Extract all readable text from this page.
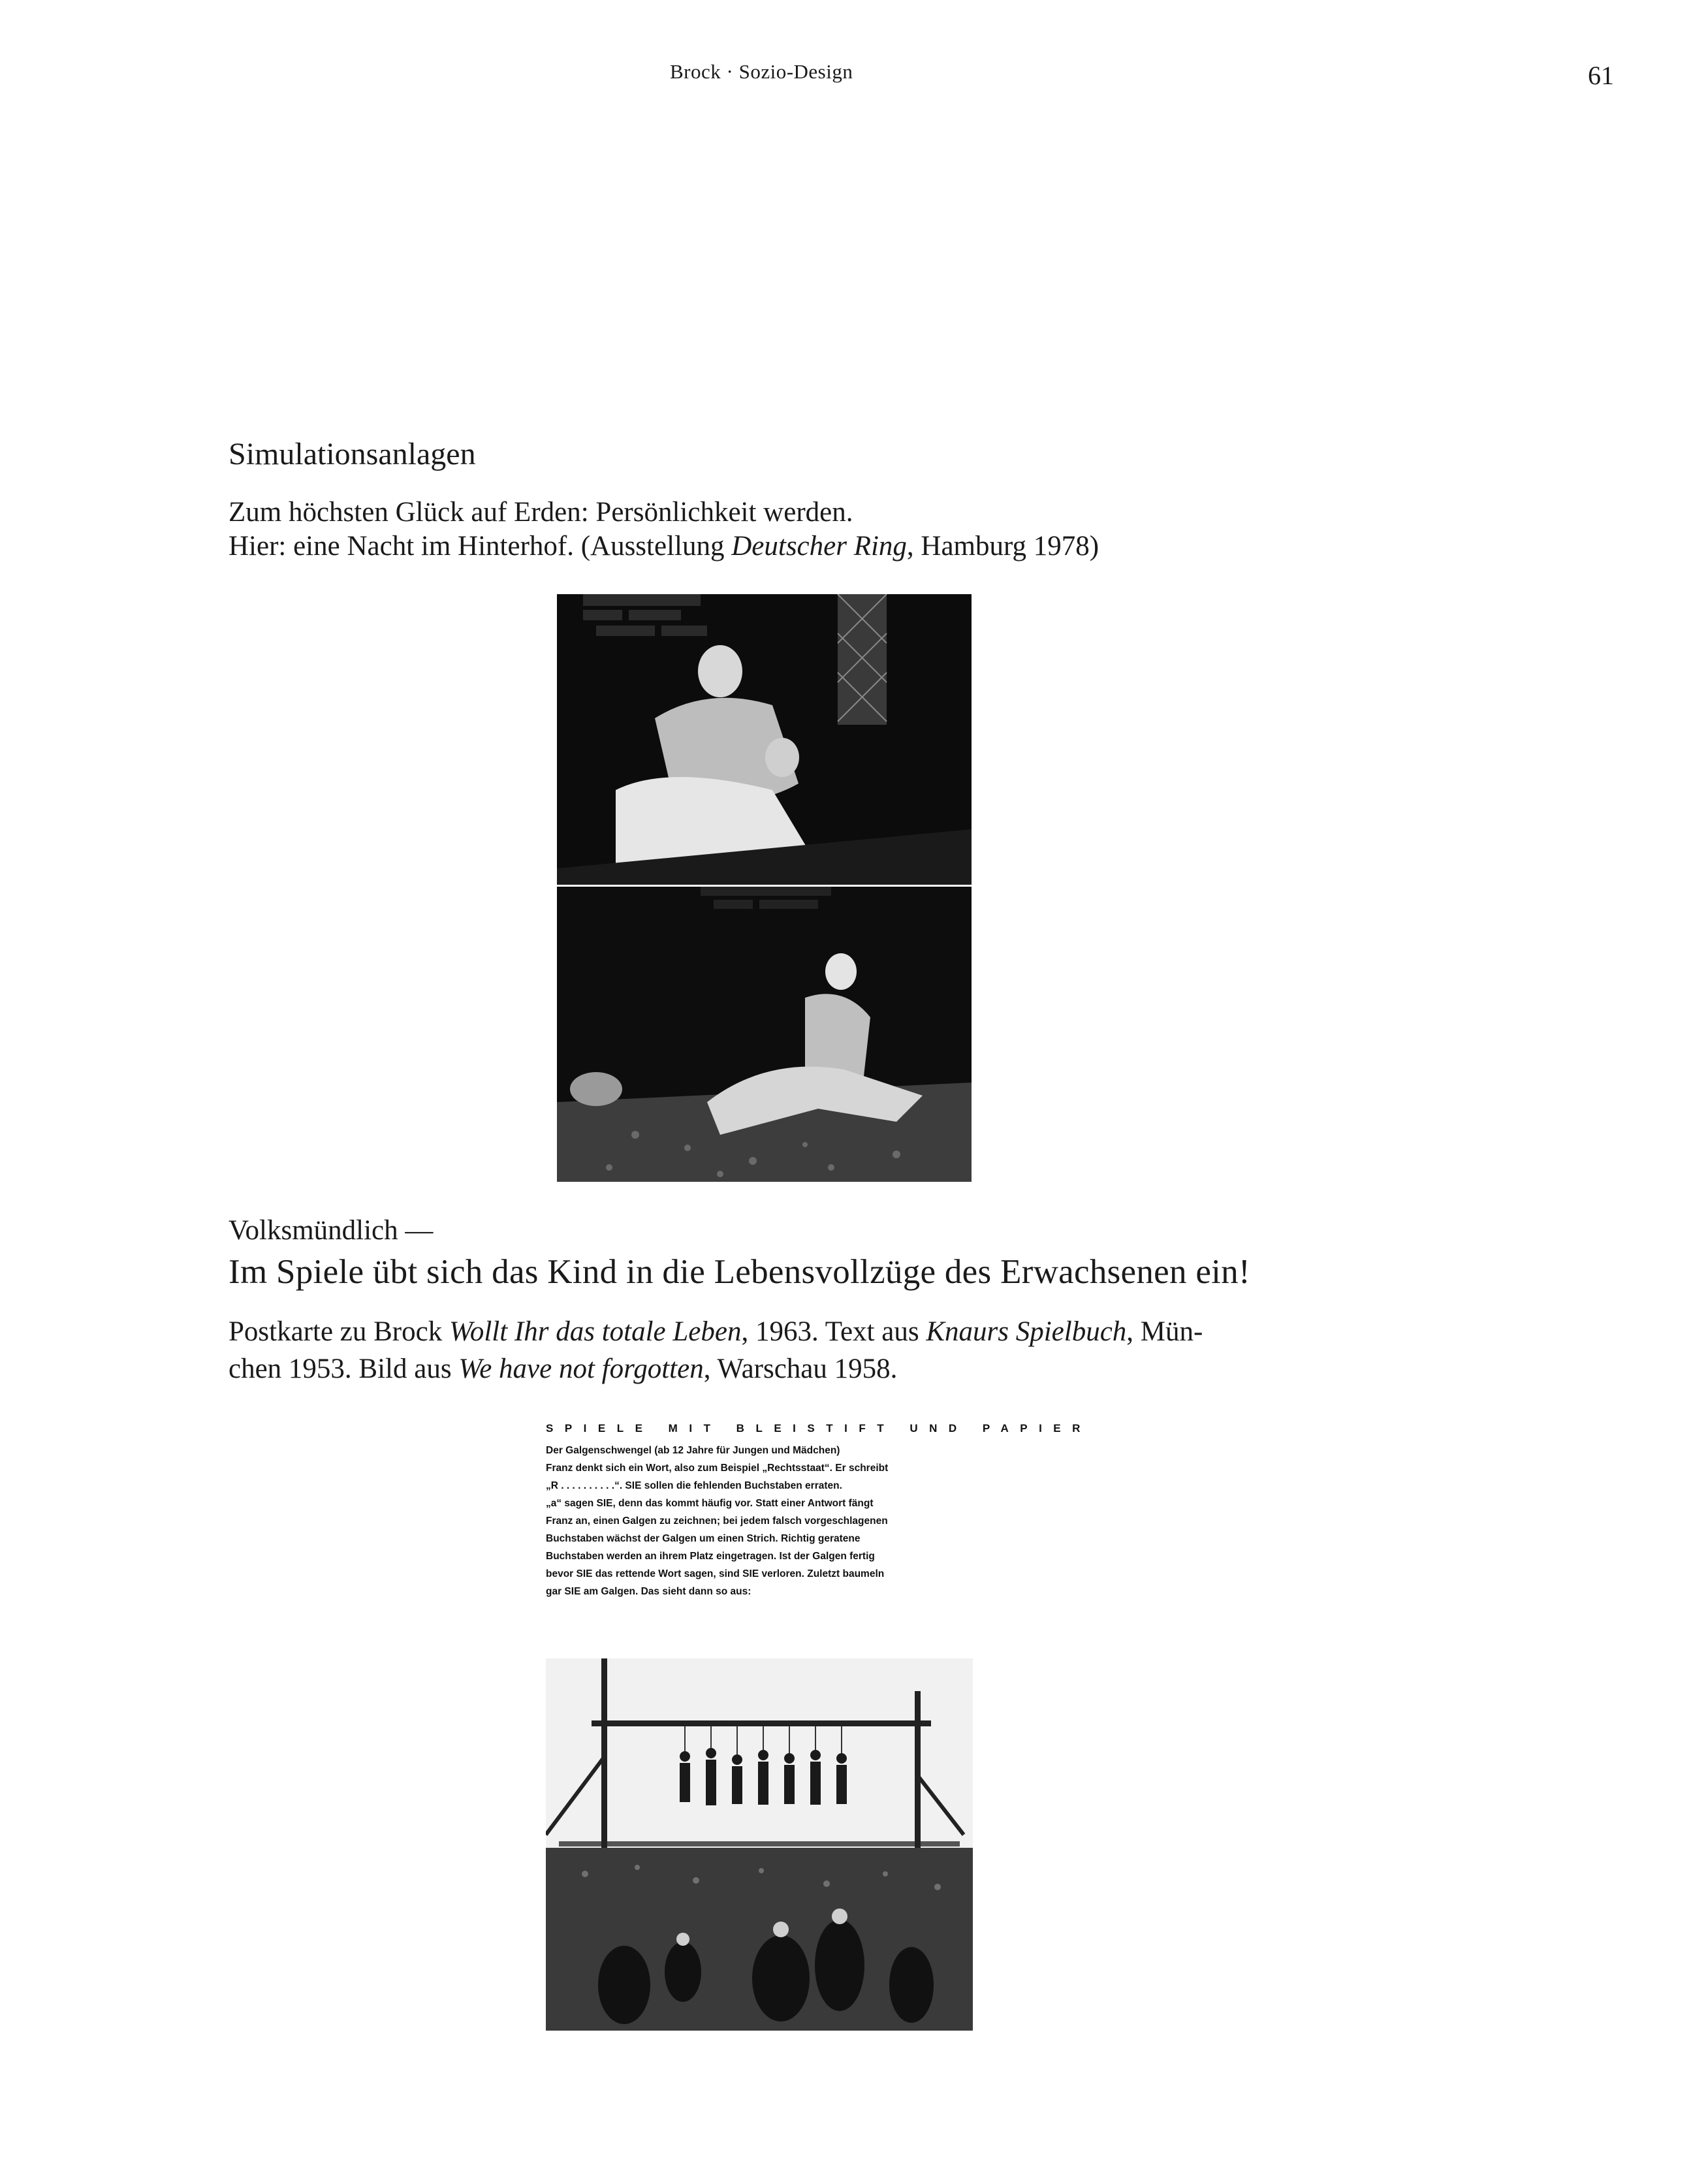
Brock · Sozio-Design	61
Simulationsanlagen
Zum höchsten Glück auf Erden: Persönlichkeit werden.
Hier: eine Nacht im Hinterhof. (Ausstellung Deutscher Ring, Hamburg 1978)
Volksmündlich —
Im Spiele übt sich das Kind in die Lebensvollzüge des Erwachsenen ein!
Postkarte zu Brock Wollt Ihr das totale Leben, 1963. Text aus Knaurs Spielbuch, Mün-
chen 1953. Bild aus We have not forgotten, Warschau 1958.
SPIELE MIT BLEISTIFT UND PAPIER
Der Galgenschwengel (ab 12 Jahre für Jungen und Mädchen)
Franz denkt sich ein Wort, also zum Beispiel „Rechtsstaat“. Er schreibt
„R . . . . . . . . . .“. SIE sollen die fehlenden Buchstaben erraten.
„a“ sagen SIE, denn das kommt häufig vor. Statt einer Antwort fängt
Franz an, einen Galgen zu zeichnen; bei jedem falsch vorgeschlagenen
Buchstaben wächst der Galgen um einen Strich. Richtig geratene
Buchstaben werden an ihrem Platz eingetragen. Ist der Galgen fertig
bevor SIE das rettende Wort sagen, sind SIE verloren. Zuletzt baumeln
gar SIE am Galgen. Das sieht dann so aus:
